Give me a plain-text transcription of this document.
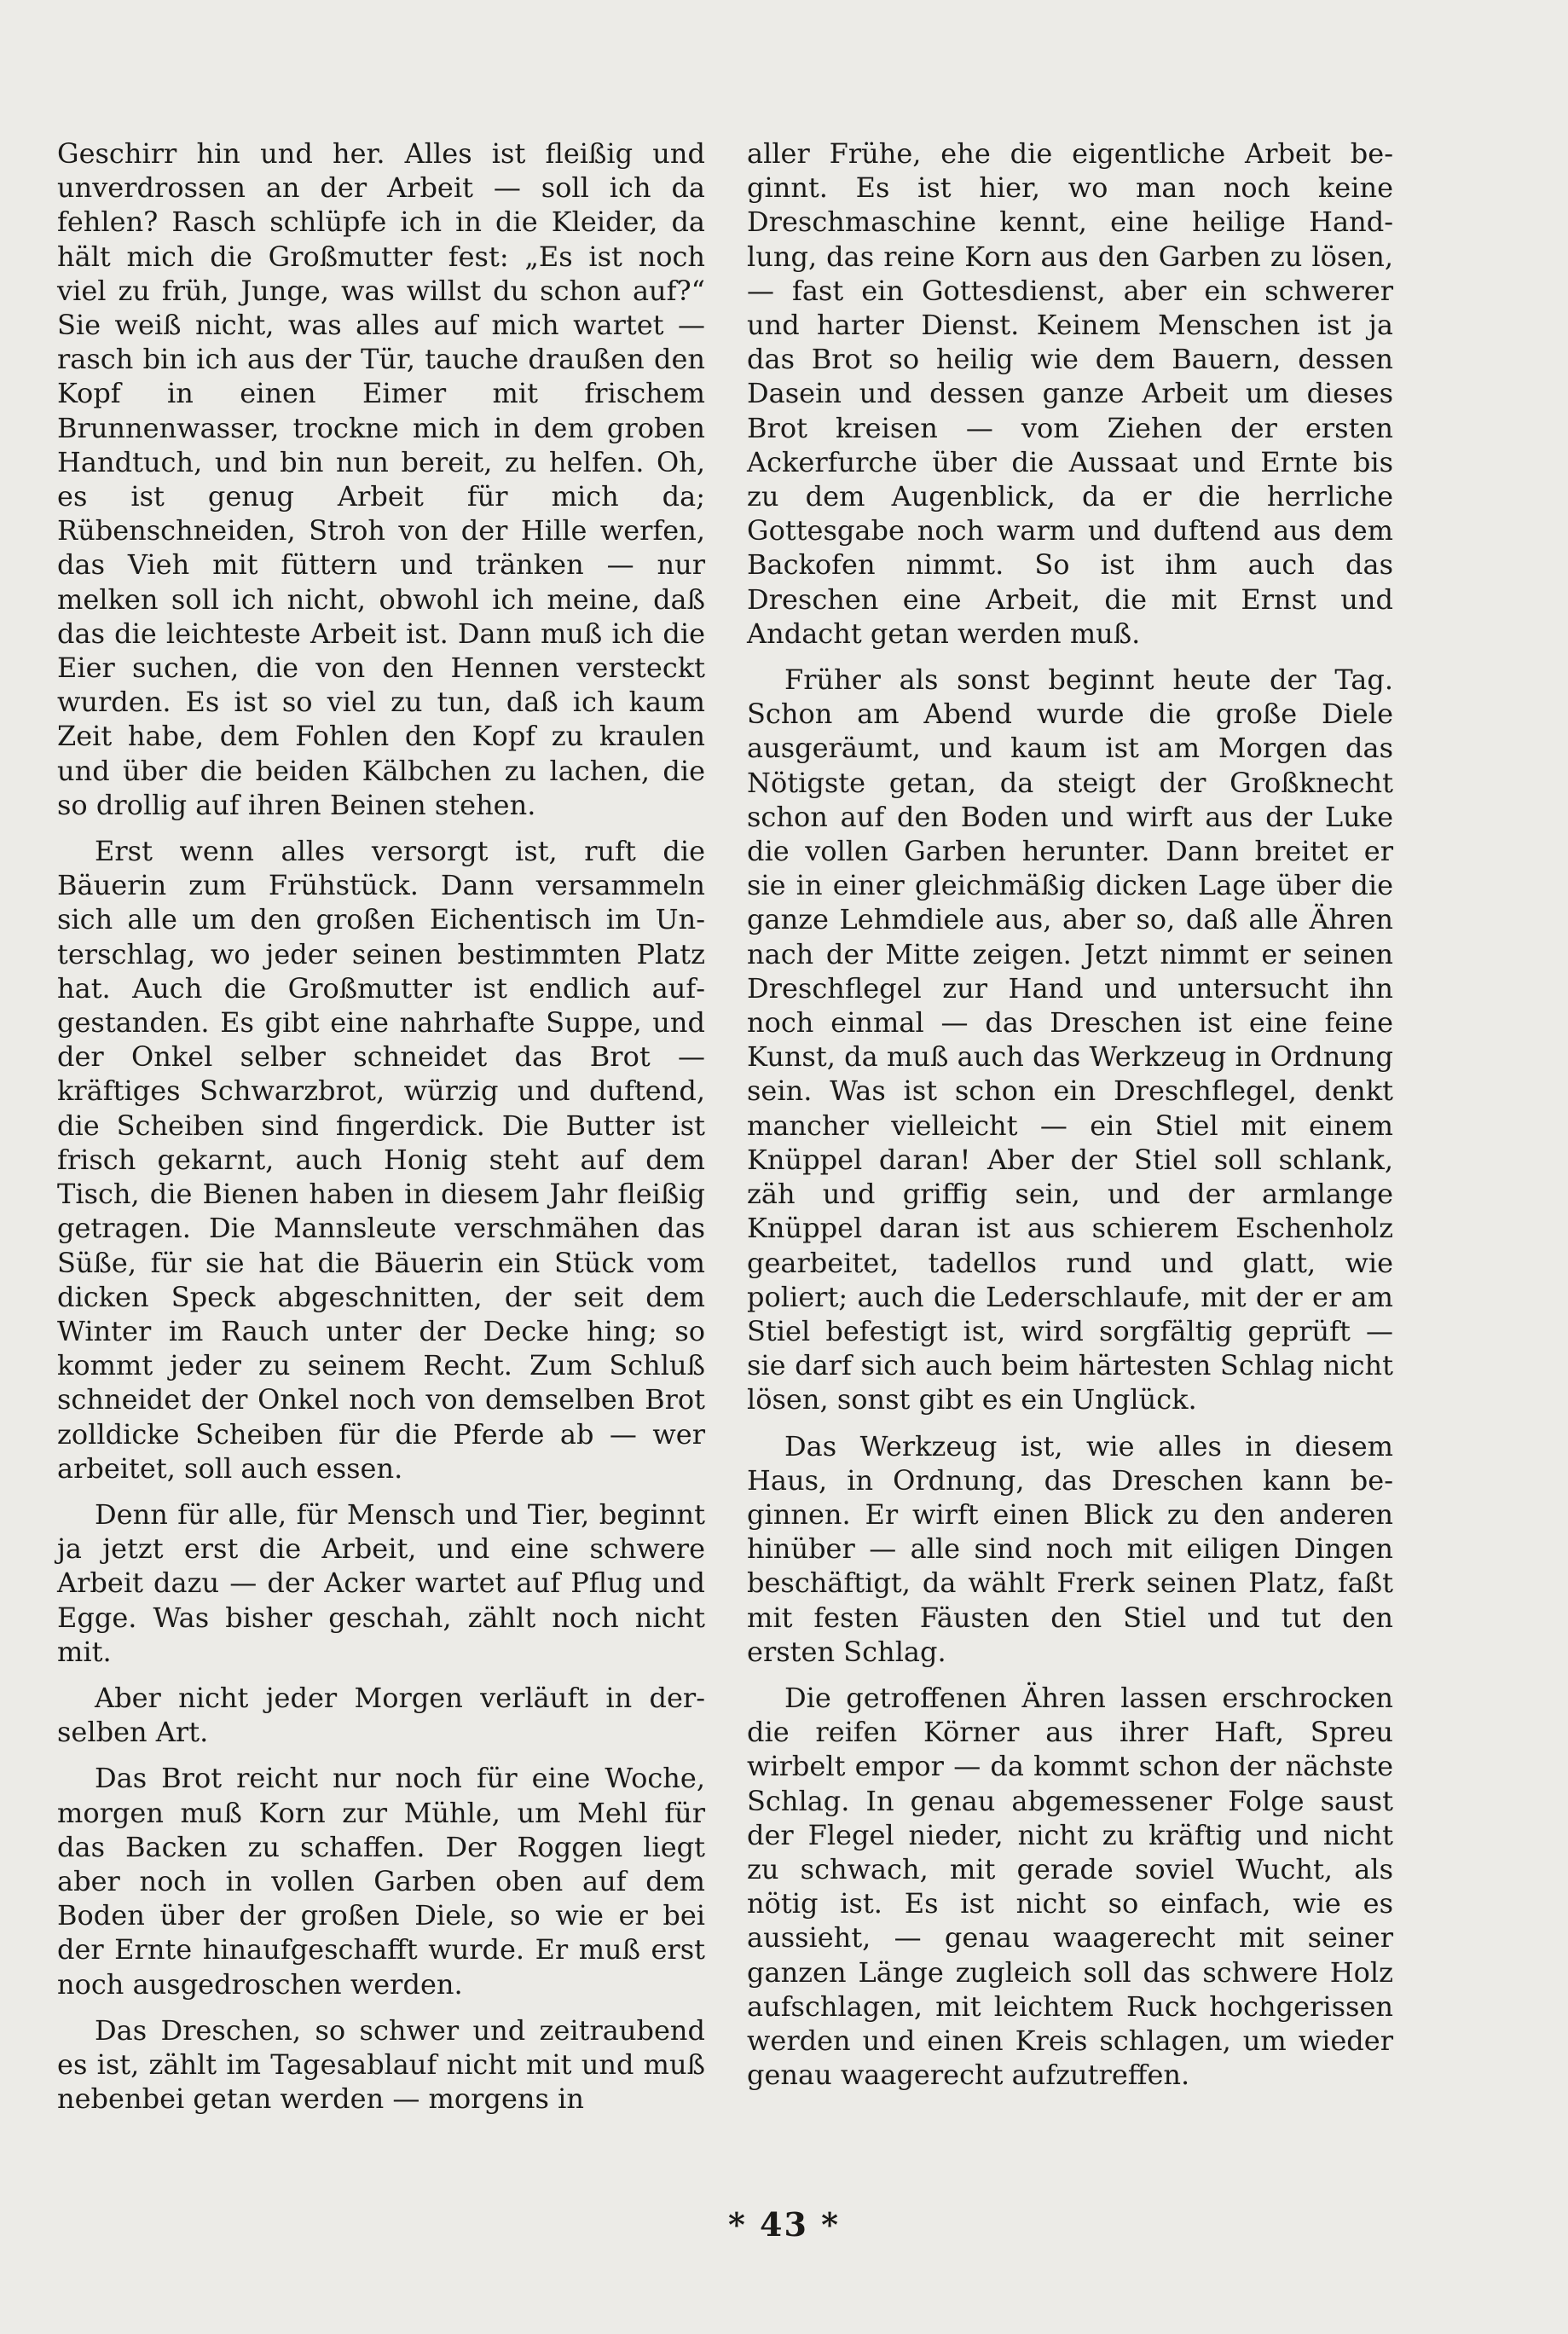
Geschirr hin und her. Alles ist fleißig und unverdrossen an der Arbeit — soll ich da fehlen? Rasch schlüpfe ich in die Kleider, da hält mich die Großmutter fest: „Es ist noch viel zu früh, Junge, was willst du schon auf?“ Sie weiß nicht, was alles auf mich wartet — rasch bin ich aus der Tür, tauche draußen den Kopf in einen Eimer mit frischem Brunnenwasser, trockne mich in dem groben Handtuch, und bin nun bereit, zu helfen. Oh, es ist genug Arbeit für mich da; Rübenschneiden, Stroh von der Hille werfen, das Vieh mit füttern und tränken — nur melken soll ich nicht, obwohl ich meine, daß das die leichteste Arbeit ist. Dann muß ich die Eier suchen, die von den Hennen versteckt wurden. Es ist so viel zu tun, daß ich kaum Zeit habe, dem Fohlen den Kopf zu kraulen und über die beiden Kälbchen zu lachen, die so drollig auf ihren Beinen stehen.

Erst wenn alles versorgt ist, ruft die Bäuerin zum Frühstück. Dann versammeln sich alle um den großen Eichentisch im Unterschlag, wo jeder seinen bestimmten Platz hat. Auch die Großmutter ist endlich aufgestanden. Es gibt eine nahrhafte Suppe, und der Onkel selber schneidet das Brot — kräftiges Schwarzbrot, würzig und duftend, die Scheiben sind fingerdick. Die Butter ist frisch gekarnt, auch Honig steht auf dem Tisch, die Bienen haben in diesem Jahr fleißig getragen. Die Mannsleute verschmähen das Süße, für sie hat die Bäuerin ein Stück vom dicken Speck abgeschnitten, der seit dem Winter im Rauch unter der Decke hing; so kommt jeder zu seinem Recht. Zum Schluß schneidet der Onkel noch von demselben Brot zolldicke Scheiben für die Pferde ab — wer arbeitet, soll auch essen.

Denn für alle, für Mensch und Tier, beginnt ja jetzt erst die Arbeit, und eine schwere Arbeit dazu — der Acker wartet auf Pflug und Egge. Was bisher geschah, zählt noch nicht mit.

Aber nicht jeder Morgen verläuft in derselben Art.

Das Brot reicht nur noch für eine Woche, morgen muß Korn zur Mühle, um Mehl für das Backen zu schaffen. Der Roggen liegt aber noch in vollen Garben oben auf dem Boden über der großen Diele, so wie er bei der Ernte hinaufgeschafft wurde. Er muß erst noch ausgedroschen werden.

Das Dreschen, so schwer und zeitraubend es ist, zählt im Tagesablauf nicht mit und muß nebenbei getan werden — morgens in

aller Frühe, ehe die eigentliche Arbeit beginnt. Es ist hier, wo man noch keine Dreschmaschine kennt, eine heilige Handlung, das reine Korn aus den Garben zu lösen, — fast ein Gottesdienst, aber ein schwerer und harter Dienst. Keinem Menschen ist ja das Brot so heilig wie dem Bauern, dessen Dasein und dessen ganze Arbeit um dieses Brot kreisen — vom Ziehen der ersten Ackerfurche über die Aussaat und Ernte bis zu dem Augenblick, da er die herrliche Gottesgabe noch warm und duftend aus dem Backofen nimmt. So ist ihm auch das Dreschen eine Arbeit, die mit Ernst und Andacht getan werden muß.

Früher als sonst beginnt heute der Tag. Schon am Abend wurde die große Diele ausgeräumt, und kaum ist am Morgen das Nötigste getan, da steigt der Großknecht schon auf den Boden und wirft aus der Luke die vollen Garben herunter. Dann breitet er sie in einer gleichmäßig dicken Lage über die ganze Lehmdiele aus, aber so, daß alle Ähren nach der Mitte zeigen. Jetzt nimmt er seinen Dreschflegel zur Hand und untersucht ihn noch einmal — das Dreschen ist eine feine Kunst, da muß auch das Werkzeug in Ordnung sein. Was ist schon ein Dreschflegel, denkt mancher vielleicht — ein Stiel mit einem Knüppel daran! Aber der Stiel soll schlank, zäh und griffig sein, und der armlange Knüppel daran ist aus schierem Eschenholz gearbeitet, tadellos rund und glatt, wie poliert; auch die Lederschlaufe, mit der er am Stiel befestigt ist, wird sorgfältig geprüft — sie darf sich auch beim härtesten Schlag nicht lösen, sonst gibt es ein Unglück.

Das Werkzeug ist, wie alles in diesem Haus, in Ordnung, das Dreschen kann beginnen. Er wirft einen Blick zu den anderen hinüber — alle sind noch mit eiligen Dingen beschäftigt, da wählt Frerk seinen Platz, faßt mit festen Fäusten den Stiel und tut den ersten Schlag.

Die getroffenen Ähren lassen erschrocken die reifen Körner aus ihrer Haft, Spreu wirbelt empor — da kommt schon der nächste Schlag. In genau abgemessener Folge saust der Flegel nieder, nicht zu kräftig und nicht zu schwach, mit gerade soviel Wucht, als nötig ist. Es ist nicht so einfach, wie es aussieht, — genau waagerecht mit seiner ganzen Länge zugleich soll das schwere Holz aufschlagen, mit leichtem Ruck hochgerissen werden und einen Kreis schlagen, um wieder genau waagerecht aufzutreffen.

* 43 *
